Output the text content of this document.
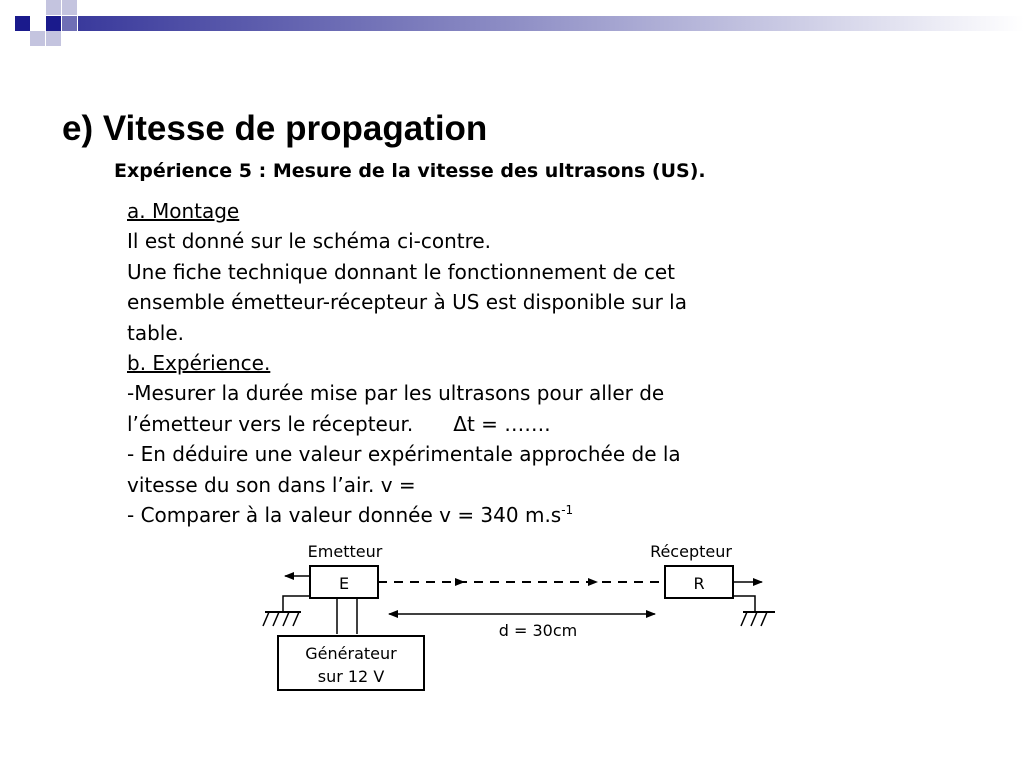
e) Vitesse de propagation
Expérience 5 : Mesure de la vitesse des ultrasons (US).
a. Montage
Il est donné sur le schéma ci-contre.
Une fiche technique donnant le fonctionnement de cet
ensemble émetteur-récepteur à US est disponible sur la
table.
b. Expérience.
-Mesurer la durée mise par les ultrasons pour aller de
l’émetteur vers le récepteur. Δt = …….
- En déduire une valeur expérimentale approchée de la
vitesse du son dans l’air. v =
- Comparer à la valeur donnée v = 340 $m.s^{-1}$
Emetteur	Récepteur
E	R
Générateur
sur 12 V
d = 30cm
